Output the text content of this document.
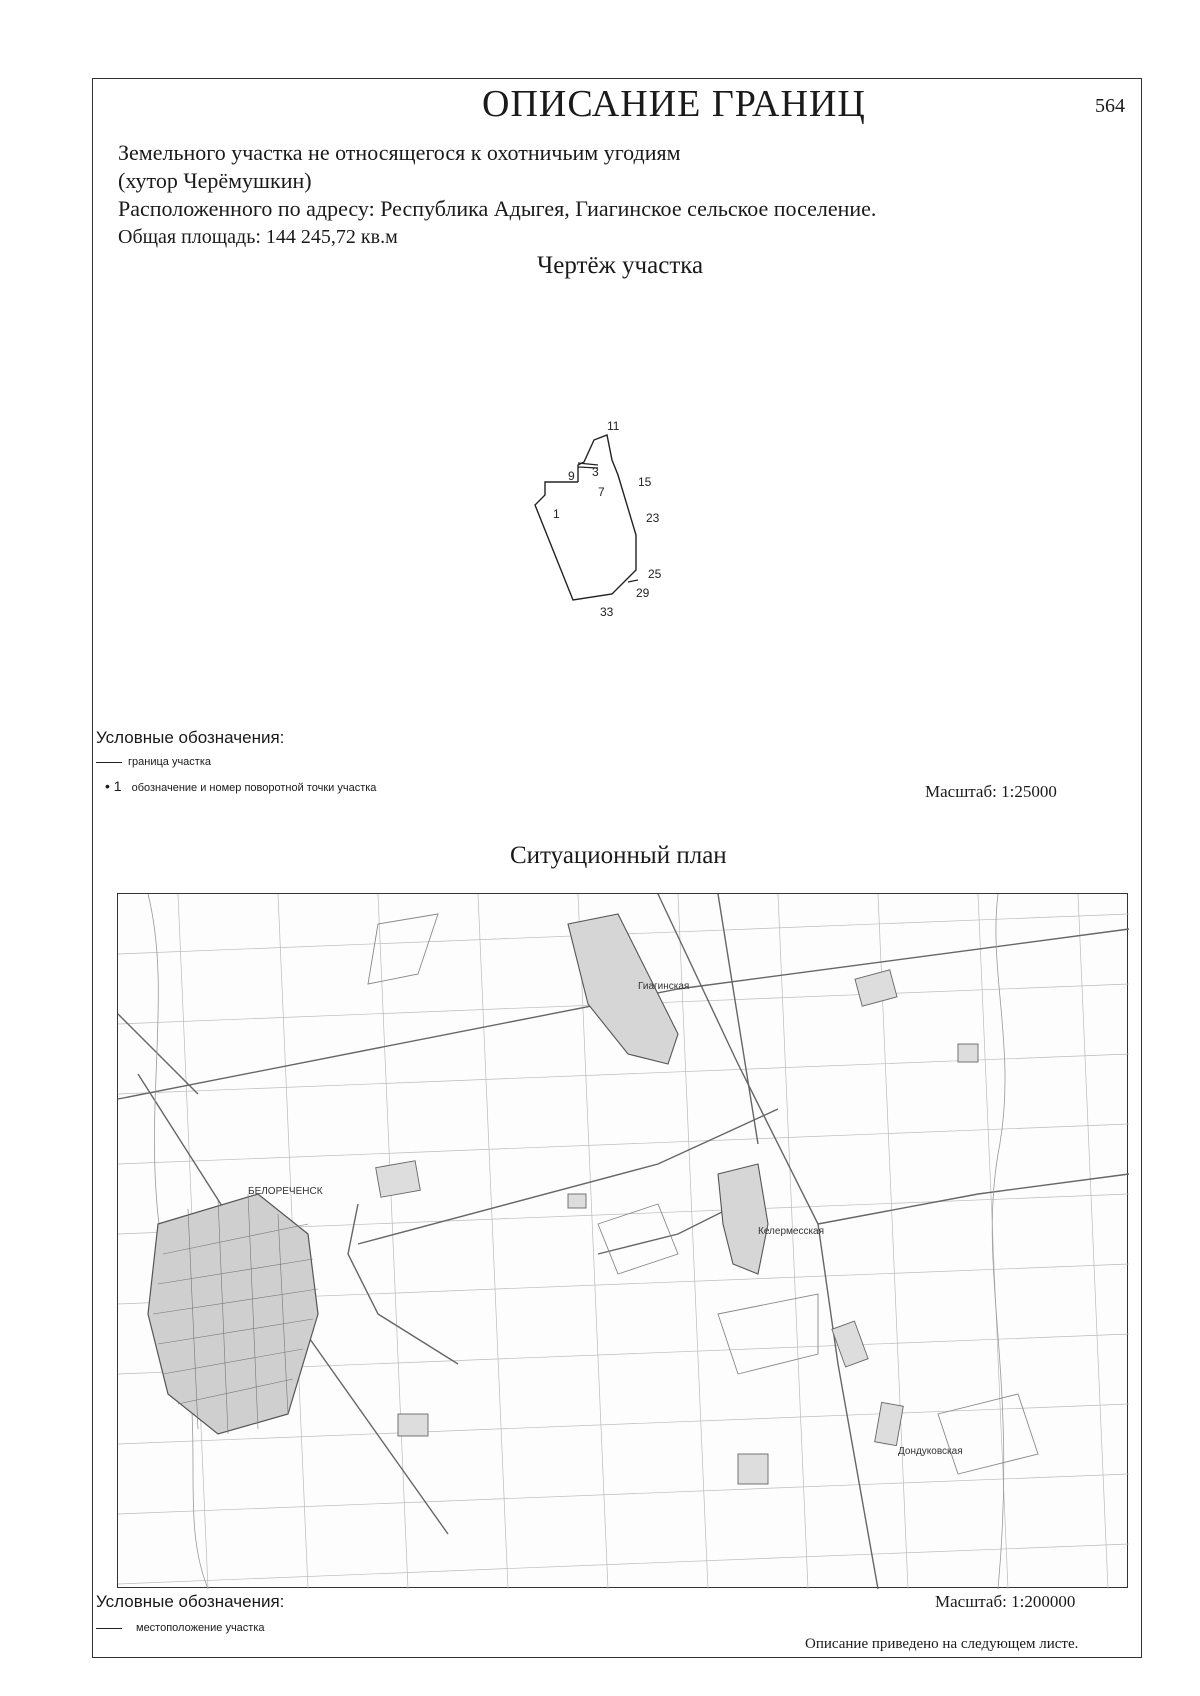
ОПИСАНИЕ ГРАНИЦ	564
Земельного участка не относящегося к охотничьим угодиям
(хутор Черёмушкин)
Расположенного по адресу: Республика Адыгея, Гиагинское сельское поселение.
Общая площадь: 144 245,72 кв.м
Чертёж участка
11
9 3
7
15
1	23
25
29
33
Условные обозначения:
граница участка
• 1 обозначение и номер поворотной точки участка	Масштаб: 1:25000
Ситуационный план
БЕЛОРЕЧЕНСК
Гиагинская
Келермесская
Дондуковская
Условные обозначения:	Масштаб: 1:200000
местоположение участка
Описание приведено на следующем листе.
